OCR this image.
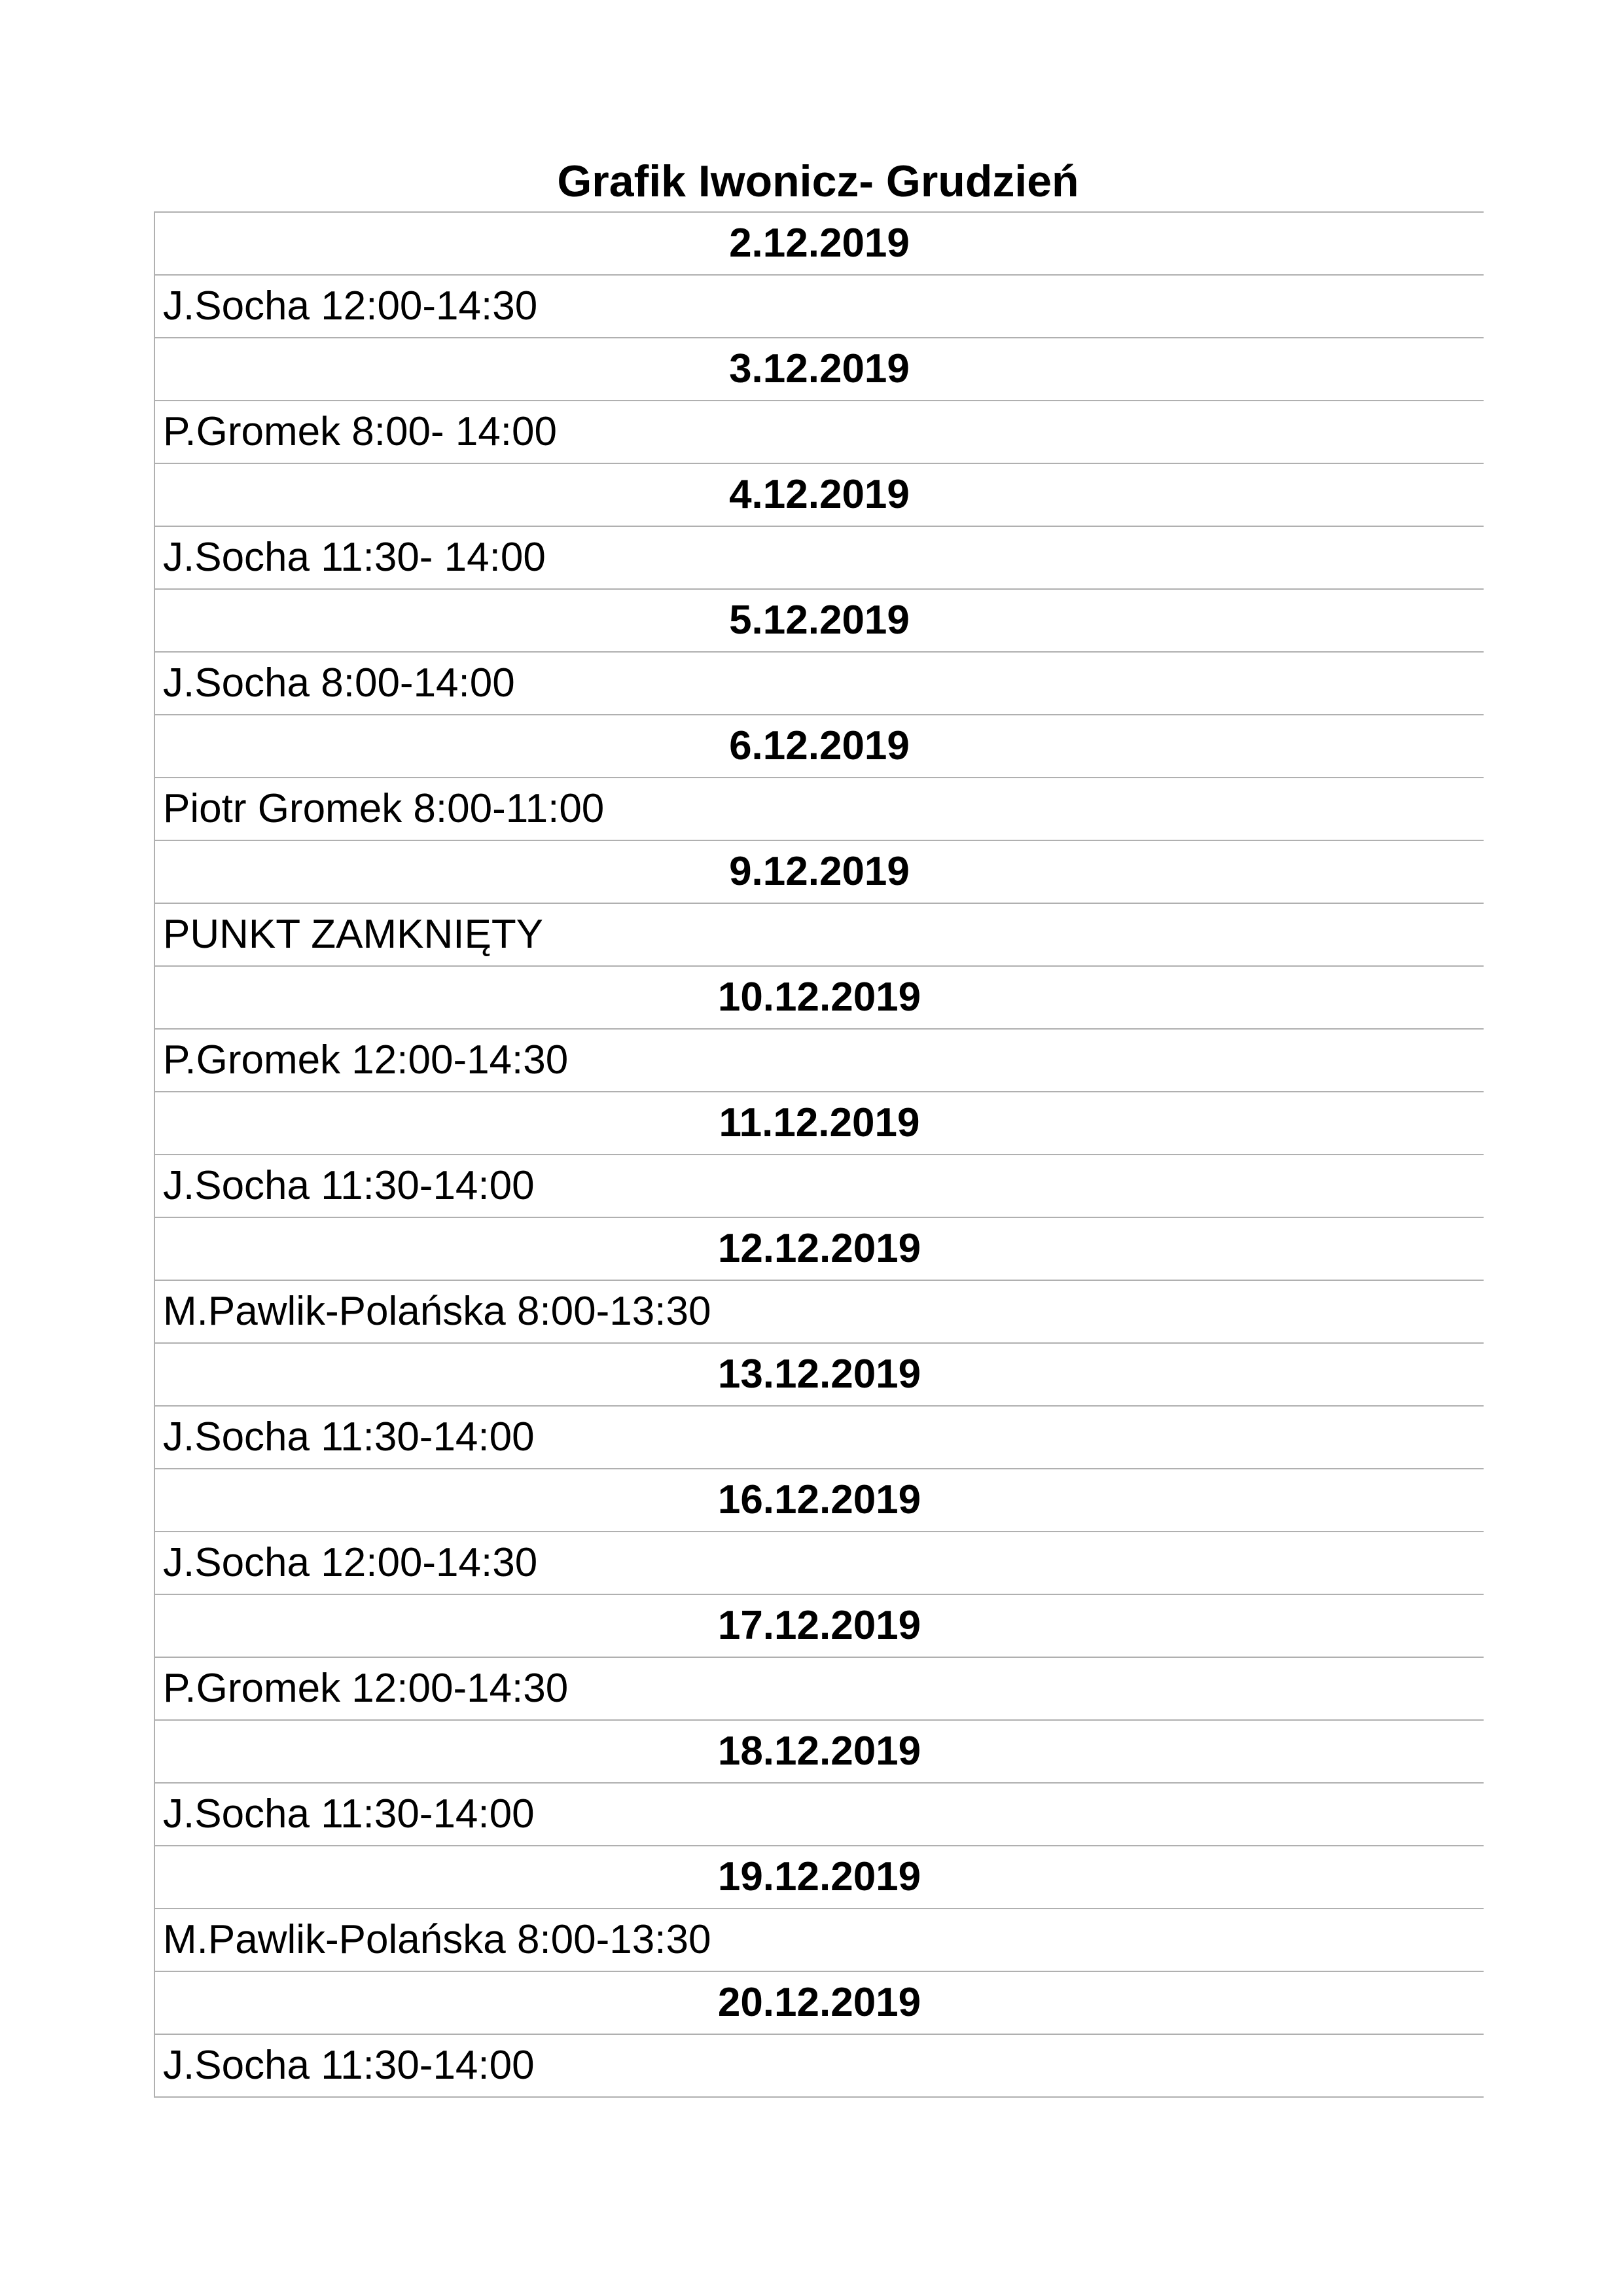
Grafik Iwonicz- Grudzień
2.12.2019
J.Socha 12:00-14:30
3.12.2019
P.Gromek 8:00- 14:00
4.12.2019
J.Socha 11:30- 14:00
5.12.2019
J.Socha 8:00-14:00
6.12.2019
Piotr Gromek 8:00-11:00
9.12.2019
PUNKT ZAMKNIĘTY
10.12.2019
P.Gromek 12:00-14:30
11.12.2019
J.Socha 11:30-14:00
12.12.2019
M.Pawlik-Polańska 8:00-13:30
13.12.2019
J.Socha 11:30-14:00
16.12.2019
J.Socha 12:00-14:30
17.12.2019
P.Gromek 12:00-14:30
18.12.2019
J.Socha 11:30-14:00
19.12.2019
M.Pawlik-Polańska 8:00-13:30
20.12.2019
J.Socha 11:30-14:00
